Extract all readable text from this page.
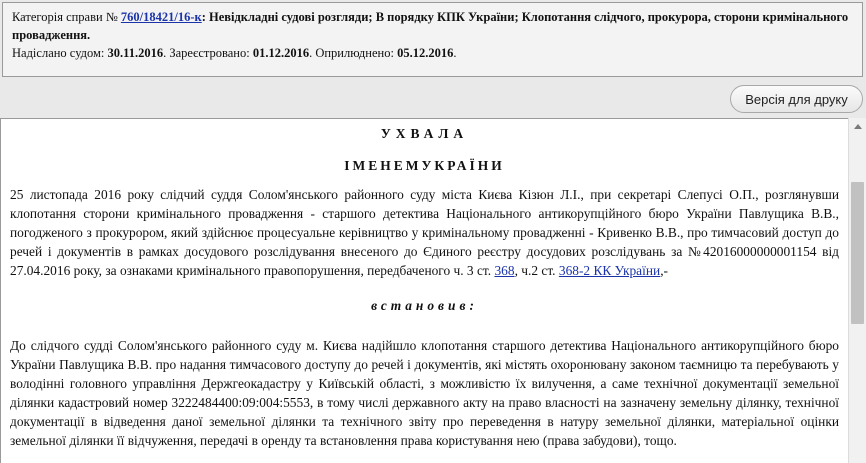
Категорія справи № 760/18421/16-к: Невідкладні судові розгляди; В порядку КПК України; Клопотання слідчого, прокурора, сторони кримінального провадження.
Надіслано судом: 30.11.2016. Зареєстровано: 01.12.2016. Оприлюднено: 05.12.2016.
Версія для друку

УХВАЛА

ІМЕНЕМУКРАЇНИ

25 листопада 2016 року слідчий суддя Солом'янського районного суду міста Києва Кізюн Л.І., при секретарі Слепусі О.П., розглянувши клопотання сторони кримінального провадження - старшого детектива Національного антикорупційного бюро України Павлущика В.В., погодженого з прокурором, який здійснює процесуальне керівництво у кримінальному провадженні - Кривенко В.В., про тимчасовий доступ до речей і документів в рамках досудового розслідування внесеного до Єдиного реєстру досудових розслідувань за №42016000000001154 від 27.04.2016 року, за ознаками кримінального правопорушення, передбаченого ч. 3 ст. 368, ч.2 ст. 368-2 КК України,-

встановив:

До слідчого судді Солом'янського районного суду м. Києва надійшло клопотання старшого детектива Національного антикорупційного бюро України Павлущика В.В. про надання тимчасового доступу до речей і документів, які містять охоронювану законом таємницю та перебувають у володінні головного управління Держгеокадастру у Київській області, з можливістю їх вилучення, а саме технічної документації земельної ділянки кадастровий номер 3222484400:09:004:5553, в тому числі державного акту на право власності на зазначену земельну ділянку, технічної документації в відведення даної земельної ділянки та технічного звіту про переведення в натуру земельної ділянки, матеріальної оцінки земельної ділянки її відчуження, передачі в оренду та встановлення права користування нею (права забудови), тощо.
